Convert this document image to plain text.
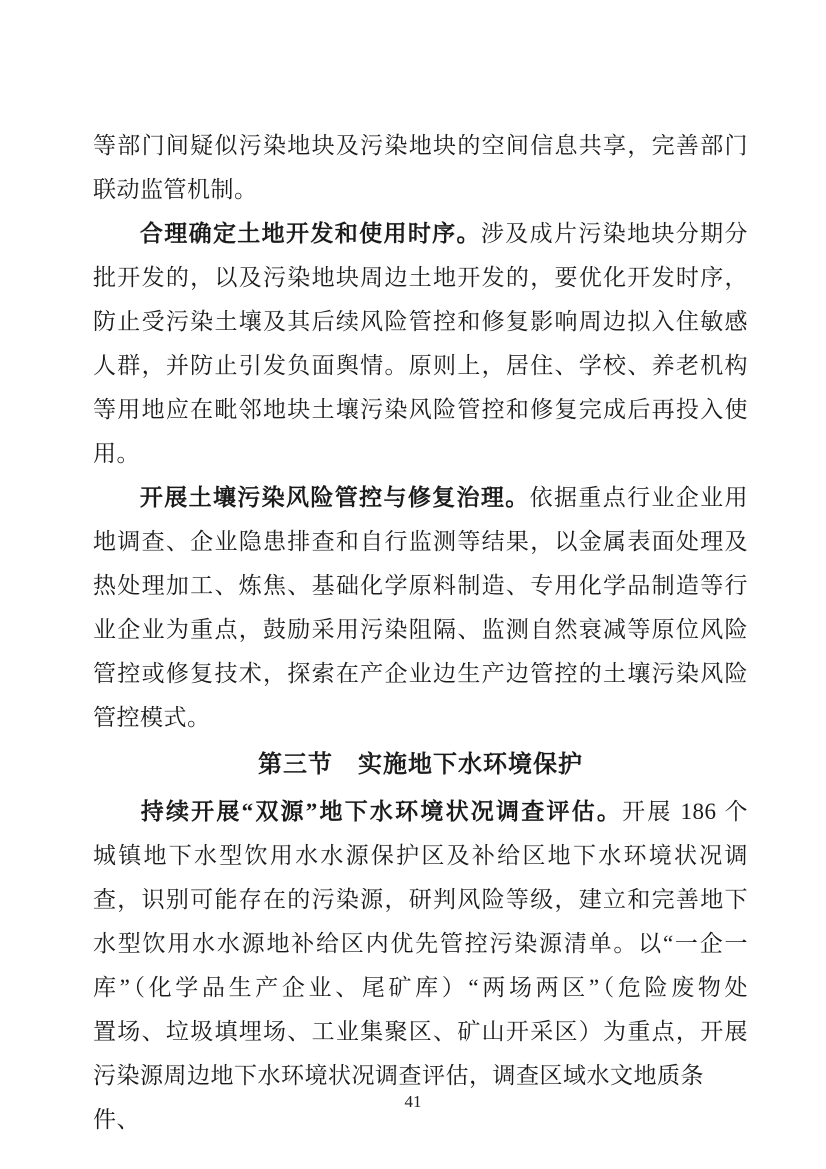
等部门间疑似污染地块及污染地块的空间信息共享，完善部门
联动监管机制。
合理确定土地开发和使用时序。涉及成片污染地块分期分
批开发的，以及污染地块周边土地开发的，要优化开发时序，
防止受污染土壤及其后续风险管控和修复影响周边拟入住敏感
人群，并防止引发负面舆情。原则上，居住、学校、养老机构
等用地应在毗邻地块土壤污染风险管控和修复完成后再投入使
用。
开展土壤污染风险管控与修复治理。依据重点行业企业用
地调查、企业隐患排查和自行监测等结果，以金属表面处理及
热处理加工、炼焦、基础化学原料制造、专用化学品制造等行
业企业为重点，鼓励采用污染阻隔、监测自然衰减等原位风险
管控或修复技术，探索在产企业边生产边管控的土壤污染风险
管控模式。
第三节　实施地下水环境保护
持续开展“双源”地下水环境状况调查评估。开展 186 个
城镇地下水型饮用水水源保护区及补给区地下水环境状况调
查，识别可能存在的污染源，研判风险等级，建立和完善地下
水型饮用水水源地补给区内优先管控污染源清单。以“一企一
库”（化学品生产企业、尾矿库）“两场两区”（危险废物处
置场、垃圾填埋场、工业集聚区、矿山开采区）为重点，开展
污染源周边地下水环境状况调查评估，调查区域水文地质条件、
41
